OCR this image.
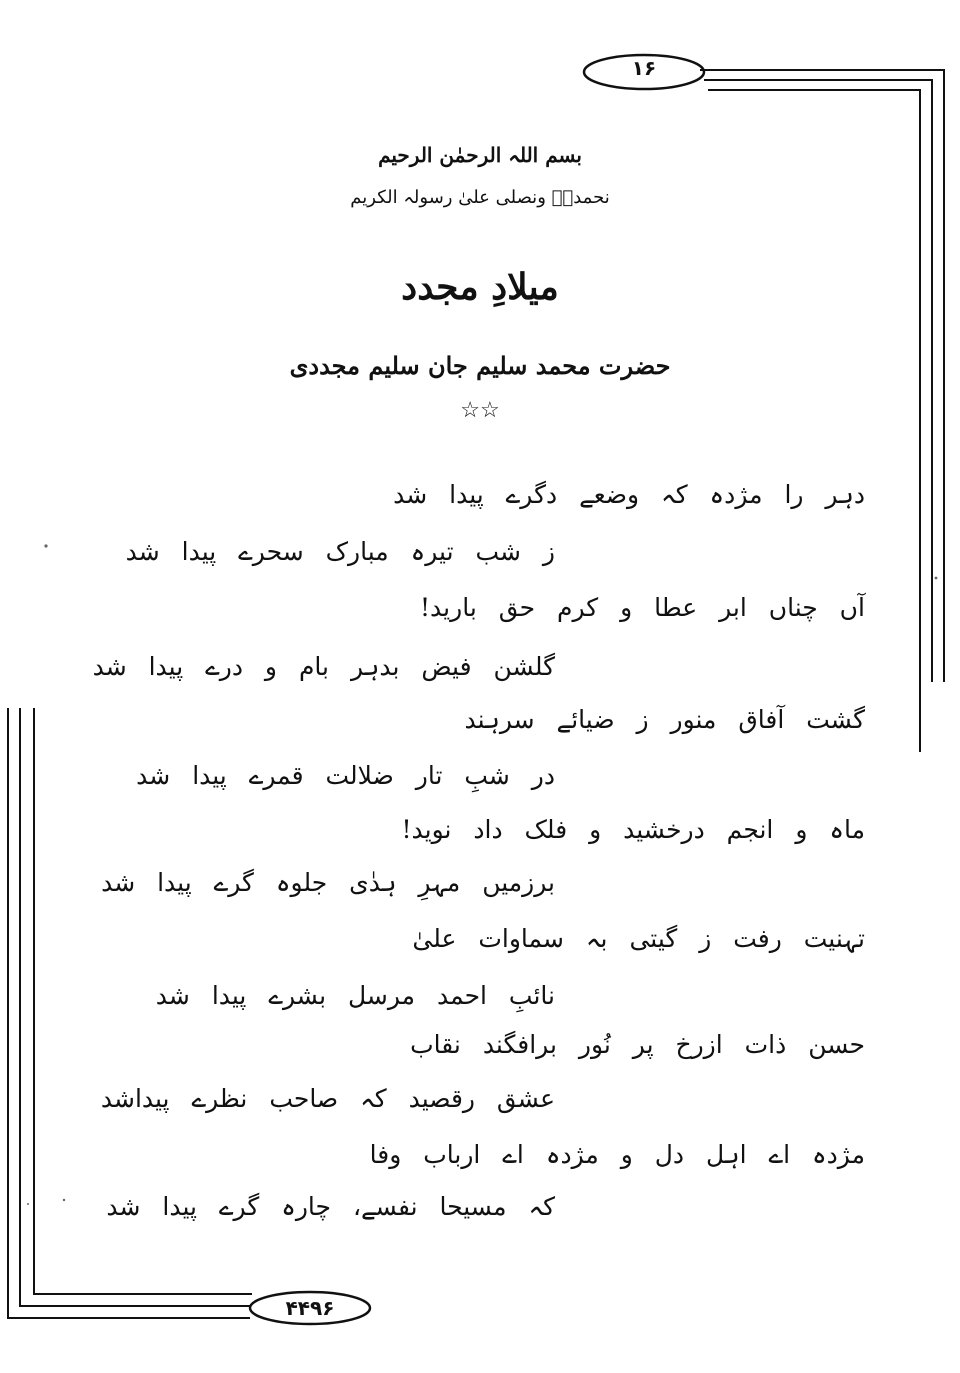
۱۶
۴۴۹۶
بسم اللہ الرحمٰن الرحیم
نحمدہٗ ونصلی علیٰ رسولہ الکریم
میلادِ مجدد
حضرت محمد سلیم جان سلیم مجددی
☆☆
دہر را مژدہ کہ وضعے دگرے پیدا شد
ز شب تیرہ مبارک سحرے پیدا شد
آں چناں ابر عطا و کرم حق بارید!
گلشن فیض بدہر بام و درے پیدا شد
گشت آفاق منور ز ضیائے سرہند
در شبِ تار ضلالت قمرے پیدا شد
ماہ و انجم درخشید و فلک داد نوید!
برزمیں مہرِ ہدٰی جلوہ گرے پیدا شد
تہنیت رفت ز گیتی بہ سماوات علیٰ
نائبِ احمد مرسل بشرے پیدا شد
حسن ذات ازرخ پر نُور برافگند نقاب
عشق رقصید کہ صاحب نظرے پیداشد
مژدہ اے اہل دل و مژدہ اے ارباب وفا
کہ مسیحا نفسے، چارہ گرے پیدا شد
